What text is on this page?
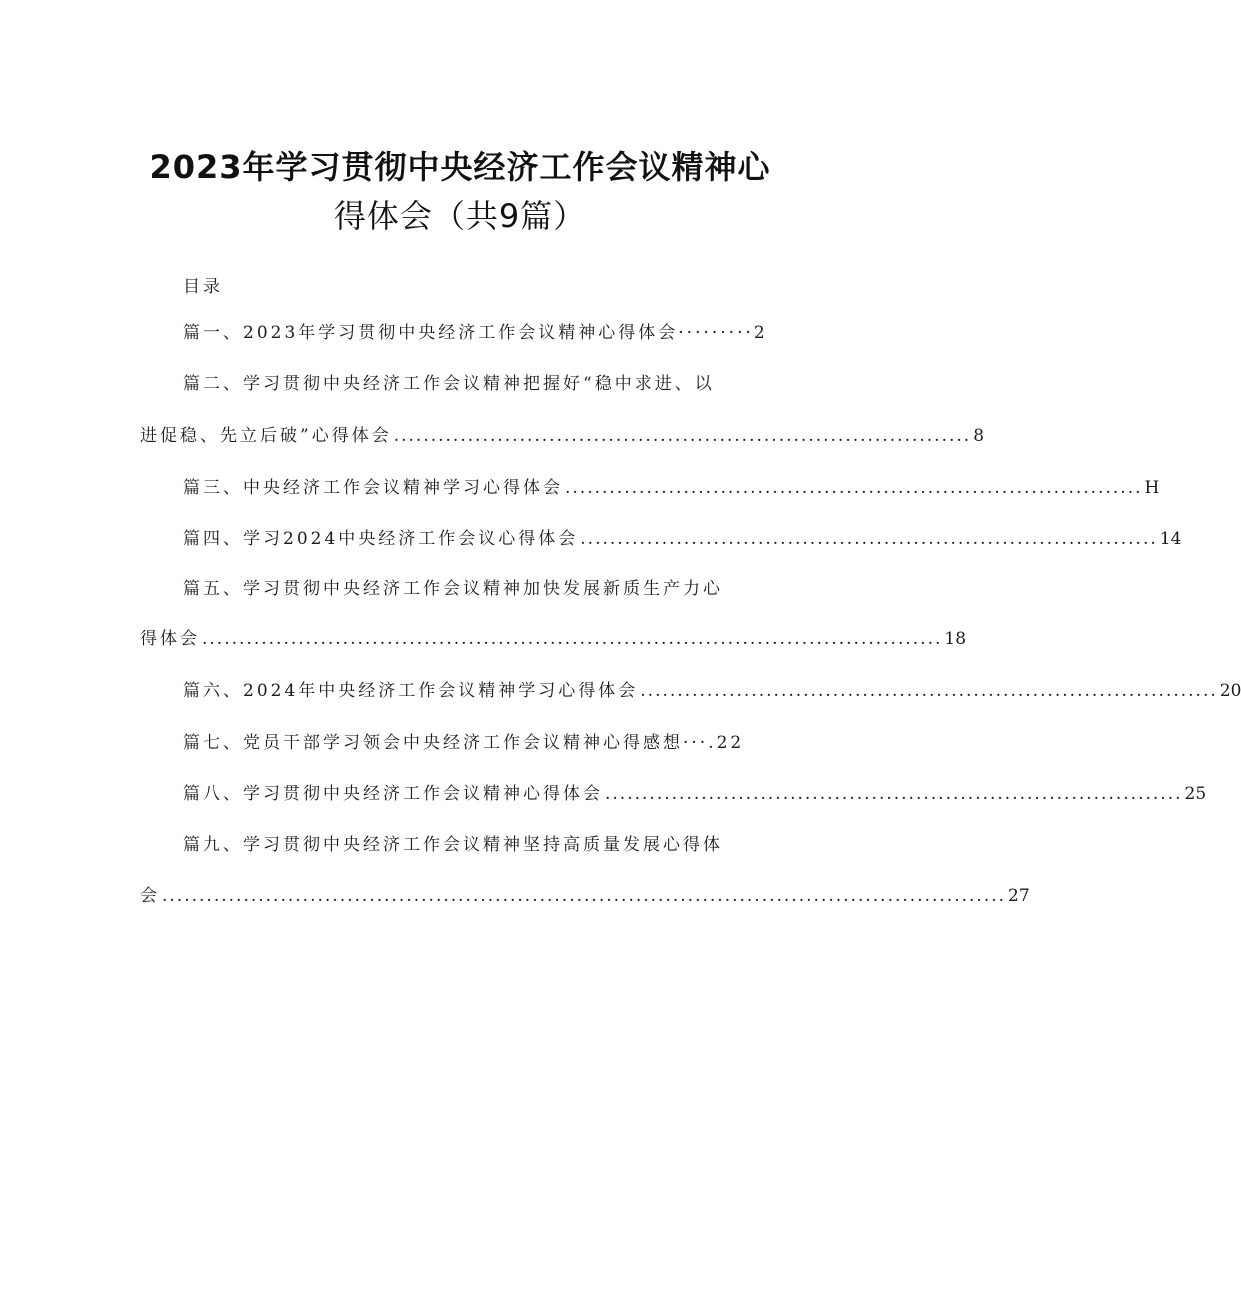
2023年学习贯彻中央经济工作会议精神心
得体会（共9篇）
目录
篇一、2023年学习贯彻中央经济工作会议精神心得体会·········2
篇二、学习贯彻中央经济工作会议精神把握好“稳中求进、以
进促稳、先立后破”心得体会 .............................................................................. 8
篇三、中央经济工作会议精神学习心得体会 .............................................................................. H
篇四、学习2024中央经济工作会议心得体会 .............................................................................. 14
篇五、学习贯彻中央经济工作会议精神加快发展新质生产力心
得体会 .................................................................................................... 18
篇六、2024年中央经济工作会议精神学习心得体会 .............................................................................. 20
篇七、党员干部学习领会中央经济工作会议精神心得感想···.22
篇八、学习贯彻中央经济工作会议精神心得体会 .............................................................................. 25
篇九、学习贯彻中央经济工作会议精神坚持高质量发展心得体
会 .................................................................................................................. 27
